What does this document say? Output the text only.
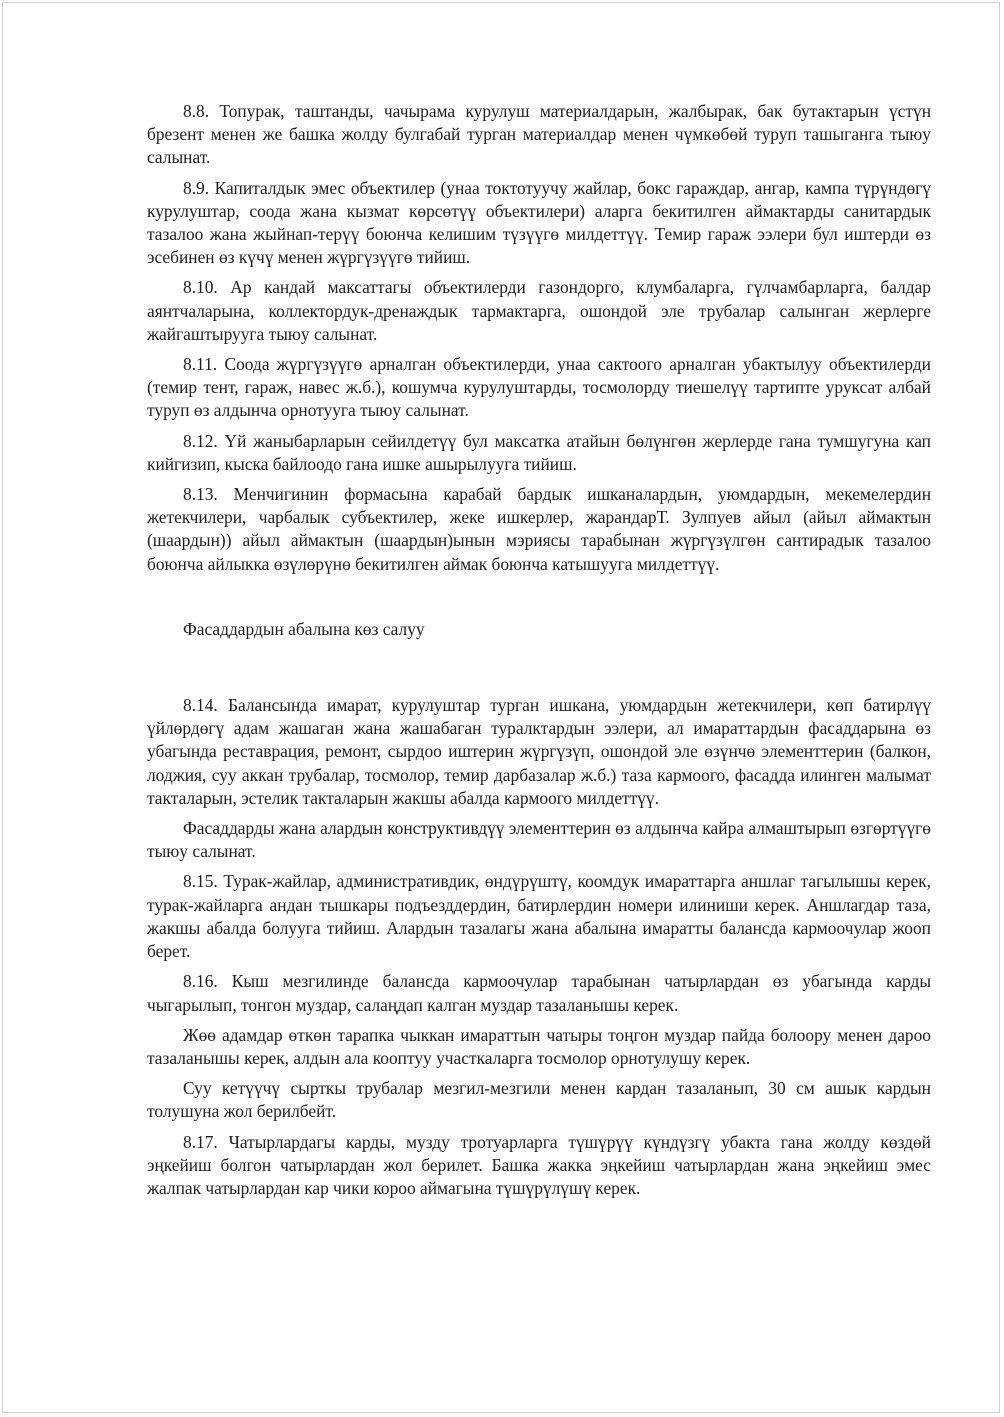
8.8. Топурак, таштанды, чачырама курулуш материалдарын, жалбырак, бак бутактарын үстүн брезент менен же башка жолду булгабай турган материалдар менен чүмкөбөй туруп ташыганга тыюу салынат.

8.9. Капиталдык эмес объектилер (унаа токтотуучу жайлар, бокс гараждар, ангар, кампа түрүндөгү курулуштар, соода жана кызмат көрсөтүү объектилери) аларга бекитилген аймактарды санитардык тазалоо жана жыйнап-терүү боюнча келишим түзүүгө милдеттүү. Темир гараж ээлери бул иштерди өз эсебинен өз күчү менен жүргүзүүгө тийиш.

8.10. Ар кандай максаттагы объектилерди газондорго, клумбаларга, гүлчамбарларга, балдар аянтчаларына, коллектордук-дренаждык тармактарга, ошондой эле трубалар салынган жерлерге жайгаштырууга тыюу салынат.

8.11. Соода жүргүзүүгө арналган объектилерди, унаа сактоого арналган убактылуу объектилерди (темир тент, гараж, навес ж.б.), кошумча курулуштарды, тосмолорду тиешелүү тартипте уруксат албай туруп өз алдынча орнотууга тыюу салынат.

8.12. Үй жаныбарларын сейилдетүү бул максатка атайын бөлүнгөн жерлерде гана тумшугуна кап кийгизип, кыска байлоодо гана ишке ашырылууга тийиш.

8.13. Менчигинин формасына карабай бардык ишканалардын, уюмдардын, мекемелердин жетекчилери, чарбалык субъектилер, жеке ишкерлер, жарандарТ. Зулпуев айыл (айыл аймактын (шаардын)) айыл аймактын (шаардын)ынын мэриясы тарабынан жүргүзүлгөн сантирадык тазалоо боюнча айлыкка өзүлөрүнө бекитилген аймак боюнча катышууга милдеттүү.

Фасаддардын абалына көз салуу

8.14. Балансында имарат, курулуштар турган ишкана, уюмдардын жетекчилери, көп батирлүү үйлөрдөгү адам жашаган жана жашабаган туралктардын ээлери, ал имараттардын фасаддарына өз убагында реставрация, ремонт, сырдоо иштерин жүргүзүп, ошондой эле өзүнчө элементтерин (балкон, лоджия, суу аккан трубалар, тосмолор, темир дарбазалар ж.б.) таза кармоого, фасадда илинген малымат такталарын, эстелик такталарын жакшы абалда кармоого милдеттүү.

Фасаддарды жана алардын конструктивдүү элементтерин өз алдынча кайра алмаштырып өзгөртүүгө тыюу салынат.

8.15. Турак-жайлар, административдик, өндүрүштү, коомдук имараттарга аншлаг тагылышы керек, турак-жайларга андан тышкары подъезддердин, батирлердин номери илиниши керек. Аншлагдар таза, жакшы абалда болууга тийиш. Алардын тазалагы жана абалына имаратты балансда кармоочулар жооп берет.

8.16. Кыш мезгилинде балансда кармоочулар тарабынан чатырлардан өз убагында карды чыгарылып, тонгон муздар, салаңдап калган муздар тазаланышы керек.

Жөө адамдар өткөн тарапка чыккан имараттын чатыры тоңгон муздар пайда болоору менен дароо тазаланышы керек, алдын ала кооптуу участкаларга тосмолор орнотулушу керек.

Суу кетүүчү сырткы трубалар мезгил-мезгили менен кардан тазаланып, 30 см ашык кардын толушуна жол берилбейт.

8.17. Чатырлардагы карды, музду тротуарларга түшүрүү күндүзгү убакта гана жолду көздөй эңкейиш болгон чатырлардан жол берилет. Башка жакка эңкейиш чатырлардан жана эңкейиш эмес жалпак чатырлардан кар чики короо аймагына түшүрүлүшү керек.
